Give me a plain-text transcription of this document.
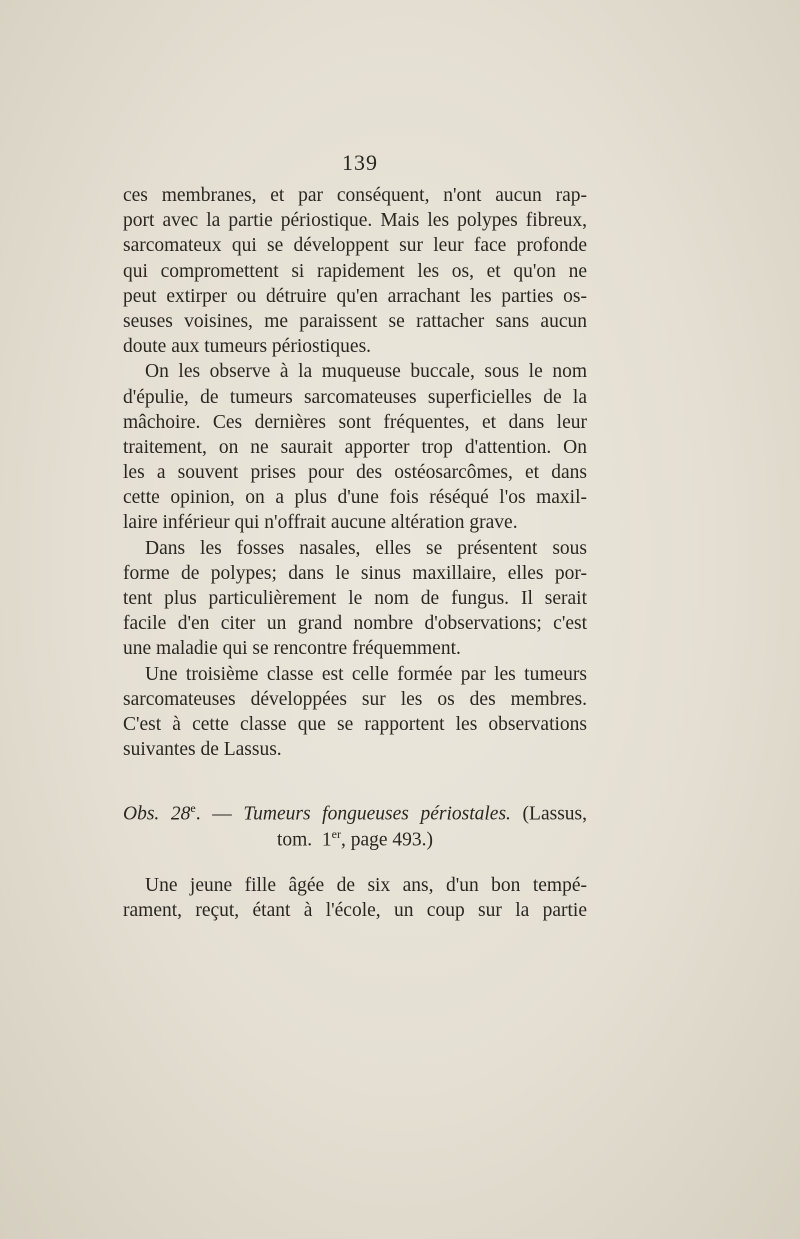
139
ces membranes, et par conséquent, n'ont aucun rap-
port avec la partie périostique. Mais les polypes fibreux,
sarcomateux qui se développent sur leur face profonde
qui compromettent si rapidement les os, et qu'on ne
peut extirper ou détruire qu'en arrachant les parties os-
seuses voisines, me paraissent se rattacher sans aucun
doute aux tumeurs périostiques.
On les observe à la muqueuse buccale, sous le nom
d'épulie, de tumeurs sarcomateuses superficielles de la
mâchoire. Ces dernières sont fréquentes, et dans leur
traitement, on ne saurait apporter trop d'attention. On
les a souvent prises pour des ostéosarcômes, et dans
cette opinion, on a plus d'une fois réséqué l'os maxil-
laire inférieur qui n'offrait aucune altération grave.
Dans les fosses nasales, elles se présentent sous
forme de polypes; dans le sinus maxillaire, elles por-
tent plus particulièrement le nom de fungus. Il serait
facile d'en citer un grand nombre d'observations; c'est
une maladie qui se rencontre fréquemment.
Une troisième classe est celle formée par les tumeurs
sarcomateuses développées sur les os des membres.
C'est à cette classe que se rapportent les observations
suivantes de Lassus.
Obs. 28e. — Tumeurs fongueuses périostales. (Lassus,
tom. 1er, page 493.)
Une jeune fille âgée de six ans, d'un bon tempé-
rament, reçut, étant à l'école, un coup sur la partie
